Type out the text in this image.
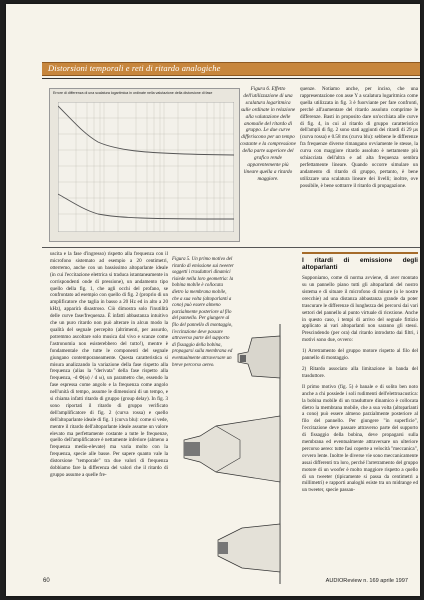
Distorsioni temporali e reti di ritardo analogiche
Errore di differenza di una scalatura logaritmica in ordinate nella valutazione della distorsione di fase
Figura 6. Effetto dell'utilizzazione di una scalatura logaritmica sulle ordinate in relazione alla valutazione delle anomalie del ritardo di gruppo. Le due curve differiscono per un tempo costante e la compressione della parte superiore del grafico rende apparentemente più lineare quella a ritardo maggiore.

quenze. Notiamo anche, per inciso, che una rappresentazione con asse Y a scalatura logaritmica come quella utilizzata in fig. 3 è fuorviante per fare confronti, perché all'aumentare del ritardo assoluto comprime le differenze. Basti in proposito dare un'occhiata alle curve di fig. 4, in cui al ritardo di gruppo caratteristico dell'ampli di fig. 2 sono stati aggiunti dei ritardi di 29 µs (curva rossa) e 0.58 ms (curva blu): sebbene le differenze fra frequenze diverse rimangano ovviamente le stesse, la curva con maggiore ritardo assoluto è nettamente più schiacciata dell'altra e ad alta frequenza sembra perfettamente lineare. Quando occorre simulare un andamento di ritardo di gruppo, pertanto, è bene utilizzare una scalatura lineare dei livelli; inoltre, ove possibile, è bene sottrarre il ritardo di propagazione.

uscita e la fase d'ingresso) rispetto alla frequenza con il microfono sistemato ad esempio a 20 centimetri, otterremo, anche con un bassissimo altoparlante ideale (in cui l'eccitazione elettrica si traduca istantaneamente in corrispondenti onde di pressione), un andamento tipo quello della fig. 1, che agli occhi del profano, se confrontato ad esempio con quello di fig. 2 (proprio di un amplificatore che taglia in basso a 20 Hz ed in alto a 20 kHz), apparirà disastroso. Ciò dimostra solo l'inutilità delle curve fase/frequenza. È infatti abbastanza intuitivo che un puro ritardo non può alterare in alcun modo la qualità del segnale percepito (altrimenti, per assurdo, potremmo ascoltare solo musica dal vivo e scanze come l'astronomia non esisterebbero del tutto!), mentre è fondamentale che tutte le componenti del segnale giungano contemporaneamente. Questa caratteristica si misura analizzando la variazione della fase rispetto alla frequenza (alias la "derivata" della fase rispetto alla frequenza, -d Φ(ω) / d ω), un parametro che, essendo la fase espressa come angolo e la frequenza come angolo nell'unità di tempo, assume le dimensioni di un tempo, e si chiama infatti ritardo di gruppo (group delay). In fig. 3 sono riportati il ritardo di gruppo verificato dell'amplificatore di fig. 2 (curva rossa) e quello dell'altoparlante ideale di fig. 1 (curva blu): come si vede, mentre il ritardo dell'altoparlante ideale assume un valore elevato ma perfettamente costante a tutte le frequenze, quello dell'amplificatore è nettamente inferiore (almeno a frequenza medio-elevate) ma varia molto con la frequenza, specie alle basse. Per sapere quanto vale la distorsione "temporale" tra due valori di frequenza dobbiamo fare la differenza del valori che il ritardo di gruppo assume a quelle fre-

Figura 5. Un primo motivo del ritardo di emissione sui tweeter soggetti i trasduttori dinamici risiede nella loro geometria: la bobina mobile è collocata dietro la membrana mobile, che a sua volta (altoparlanti a cono) può essere almeno parzialmente posteriore al filo del pannello. Per giungere al filo del pannello di montaggio, l'eccitazione deve passare attraverso parte del supporto di fissaggio della bobina, propagarsi sulla membrana ed eventualmente attraversare un breve percorso aereo.
I ritardi di emissione degli altoparlanti

Supponiamo, come di norma avviene, di aver montato su un pannello piano tutti gli altoparlanti del nostro sistema e di situare il microfono di misure (o le nostre orecchie) ad una distanza abbastanza grande da poter trascurare le differenze di lunghezza dei percorsi dai vari settori del pannello al punto virtuale di ricezione. Anche in questo caso, i tempi di arrivo del segnale fittizio applicato ai vari altoparlanti non saranno gli stessi. Prescindendo (per ora) dal ritardo introdotto dai filtri, i motivi sono due, ovvero:

1) Arretramento del gruppo motore rispetto al filo del pannello di montaggio.

2) Ritardo associato alla limitazione in banda del trasduttore.

Il primo motivo (fig. 5) è banale e di solito ben noto anche a chi possiede i soli rudimenti dell'elettroacustica: la bobina mobile di un trasduttore dinamico è collocata dietro la membrana mobile, che a sua volta (altoparlanti a cono) può essere almeno parzialmente posteriore al filo del pannello. Per giungere "in superficie", l'eccitazione deve passare attraverso parte del supporto di fissaggio della bobina, deve propagarsi sulla membrana ed eventualmente attraversare un ulteriore percorso aereo: tutte fasi coperte a velocità "meccanica", ovvero lente. Inoltre le diverse vie sono meccanicamente assai differenti tra loro, perché l'arretramento del gruppo motore di un woofer è molto maggiore rispetto a quello di un tweeter (tipicamente si passa da centimetri a millimetri) e rapporti analoghi esiste tra un midrange ed un tweeter, specie passan-

60	AUDIOReview n. 169 aprile 1997
